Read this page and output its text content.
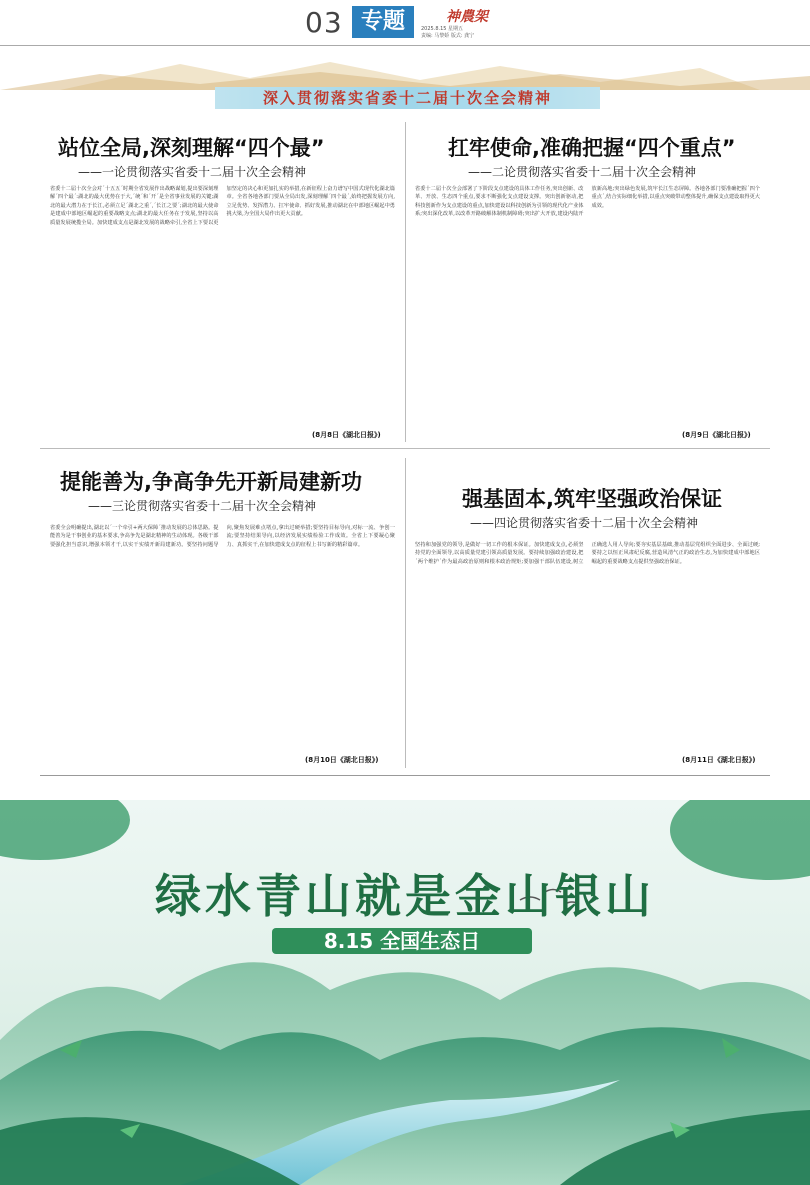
03 专题	神農架
2025.8.15 星期五
责编: 马黎娇 版式: 龚宁
深入贯彻落实省委十二届十次全会精神
站位全局,深刻理解“四个最”
——一论贯彻落实省委十二届十次全会精神
省委十二届十次全会对´十五五´时期全省发展作出战略谋划,提出要深刻理解´四个最´:湖北的最大优势在于大,´统´和´开´是全省事业发展的关键;湖北的最大潜力在于长江,必须立足´湖北之重´,´长江之要´;湖北的最大使命是建成中部地区崛起的重要战略支点;湖北的最大任务在于发展,坚持以高质量发展统揽全局。加快建成支点是湖北发展的战略牵引,全省上下要以更加坚定的决心和更加扎实的举措,在新征程上奋力谱写中国式现代化湖北篇章。全省各地各部门要从全局出发,深刻理解´四个最´,始终把握发展方向,立足优势、发挥潜力、扛牢使命、抓好发展,推动湖北在中部地区崛起中勇挑大梁,为全国大局作出更大贡献。
(8月8日《湖北日报》)
扛牢使命,准确把握“四个重点”
——二论贯彻落实省委十二届十次全会精神
省委十二届十次全会部署了下阶段支点建设的具体工作任务,突出创新、改革、开放、生态四个重点,要求不断强化支点建设支撑。突出创新驱动,把科技创新作为支点建设的重点,加快建设以科技创新为引领的现代化产业体系;突出深化改革,以改革开路破解体制机制障碍;突出扩大开放,建设内陆开放新高地;突出绿色发展,筑牢长江生态屏障。各地各部门要准确把握´四个重点´,结合实际细化举措,以重点突破带动整体提升,确保支点建设取得更大成效。
(8月9日《湖北日报》)
提能善为,争高争先开新局建新功
——三论贯彻落实省委十二届十次全会精神
省委全会明确提出,湖北以´一个牵引+两大保障´推动发展的总体思路。提能善为是干事创业的基本要求,争高争先是湖北精神的生动体现。各级干部要强化担当意识,增强本领才干,以实干实绩开新局建新功。要坚持问题导向,聚焦发展难点堵点,拿出过硬举措;要坚持目标导向,对标一流、争创一流;要坚持结果导向,以经济发展实绩检验工作成效。全省上下要凝心聚力、真抓实干,在加快建成支点的征程上书写新的精彩篇章。
(8月10日《湖北日报》)
强基固本,筑牢坚强政治保证
——四论贯彻落实省委十二届十次全会精神
坚持和加强党的领导,是做好一切工作的根本保证。加快建成支点,必须坚持党的全面领导,以高质量党建引领高质量发展。要持续加强政治建设,把´两个维护´作为最高政治原则和根本政治规矩;要加强干部队伍建设,树立正确选人用人导向;要夯实基层基础,推动基层党组织全面进步、全面过硬;要持之以恒正风肃纪反腐,营造风清气正的政治生态,为加快建成中部地区崛起的重要战略支点提供坚强政治保证。
(8月11日《湖北日报》)
绿水青山就是金山银山
8.15 全国生态日
